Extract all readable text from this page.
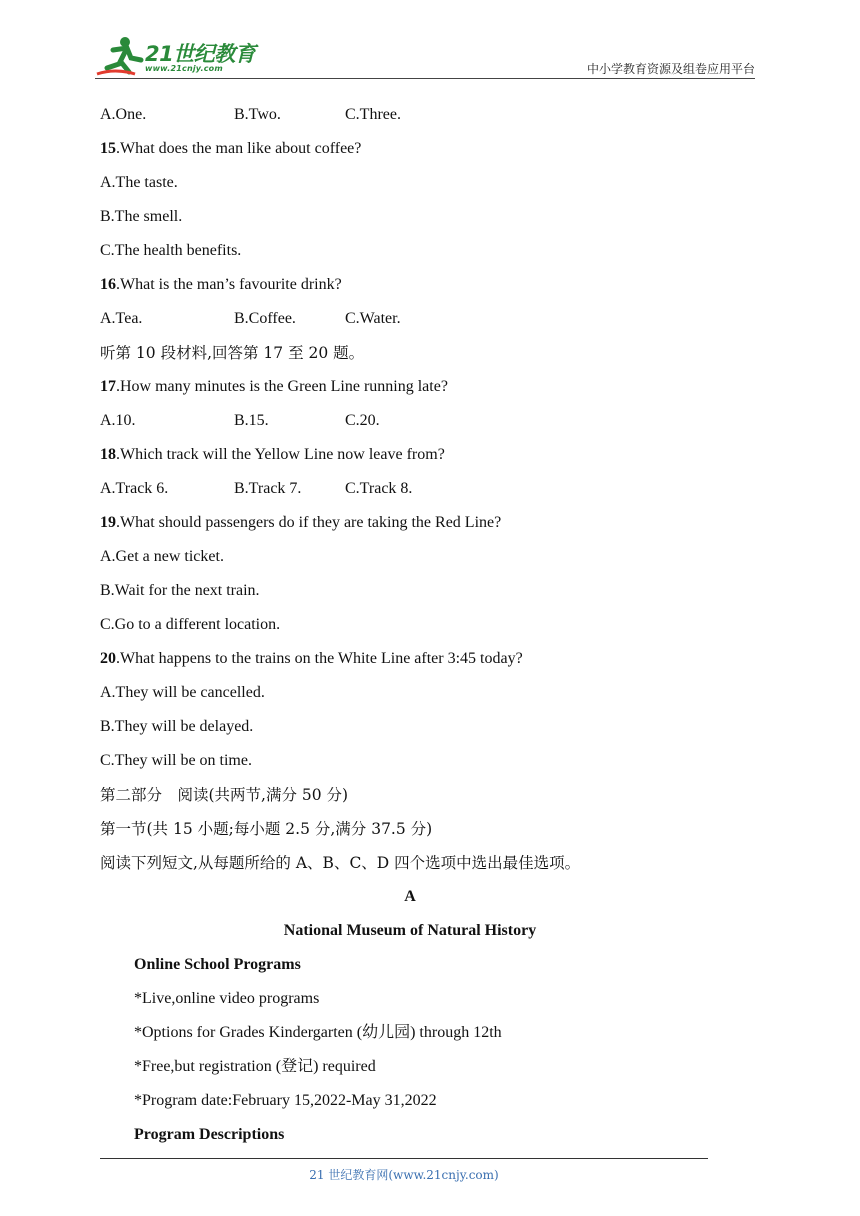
21世纪教育
www.21cnjy.com	中小学教育资源及组卷应用平台
A.One.	B.Two.	C.Three.
15.What does the man like about coffee?
A.The taste.
B.The smell.
C.The health benefits.
16.What is the man’s favourite drink?
A.Tea.	B.Coffee.	C.Water.
听第 10 段材料,回答第 17 至 20 题。
17.How many minutes is the Green Line running late?
A.10.	B.15.	C.20.
18.Which track will the Yellow Line now leave from?
A.Track 6.	B.Track 7.	C.Track 8.
19.What should passengers do if they are taking the Red Line?
A.Get a new ticket.
B.Wait for the next train.
C.Go to a different location.
20.What happens to the trains on the White Line after 3:45 today?
A.They will be cancelled.
B.They will be delayed.
C.They will be on time.
第二部分　阅读(共两节,满分 50 分)
第一节(共 15 小题;每小题 2.5 分,满分 37.5 分)
阅读下列短文,从每题所给的 A、B、C、D 四个选项中选出最佳选项。
A
National Museum of Natural History
Online School Programs
*Live,online video programs
*Options for Grades Kindergarten (幼儿园) through 12th
*Free,but registration (登记) required
*Program date:February 15,2022-May 31,2022
Program Descriptions
21 世纪教育网(www.21cnjy.com)
